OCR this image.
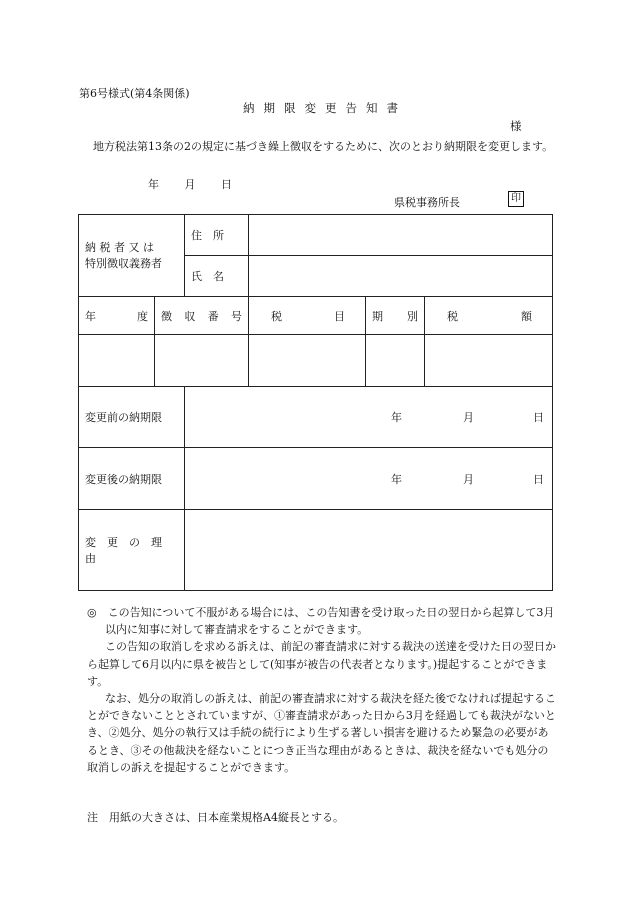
第6号様式(第4条関係)
納期限変更告知書
様
地方税法第13条の2の規定に基づき繰上徴収をするために、次のとおり納期限を変更します。
年 月 日
県税事務所長	印
納 税 者 又 は
特別徴収義務者		住　所			
		氏　名			

年 度	徴 収 番 号		税 目	期 別	税 額

変更前の納期限		年 月 日			

変更後の納期限		年 月 日			

変　更　の　理　由					

◎　 この告知について不服がある場合には、この告知書を受け取った日の翌日から起算して3月以内に知事に対して審査請求をすることができます。

この告知の取消しを求める訴えは、前記の審査請求に対する裁決の送達を受けた日の翌日から起算して6月以内に県を被告として(知事が被告の代表者となります。)提起することができます。

なお、処分の取消しの訴えは、前記の審査請求に対する裁決を経た後でなければ提起することができないこととされていますが、①審査請求があった日から3月を経過しても裁決がないとき、②処分、処分の執行又は手続の続行により生ずる著しい損害を避けるため緊急の必要があるとき、③その他裁決を経ないことにつき正当な理由があるときは、裁決を経ないでも処分の取消しの訴えを提起することができます。

注　用紙の大きさは、日本産業規格A4縦長とする。
